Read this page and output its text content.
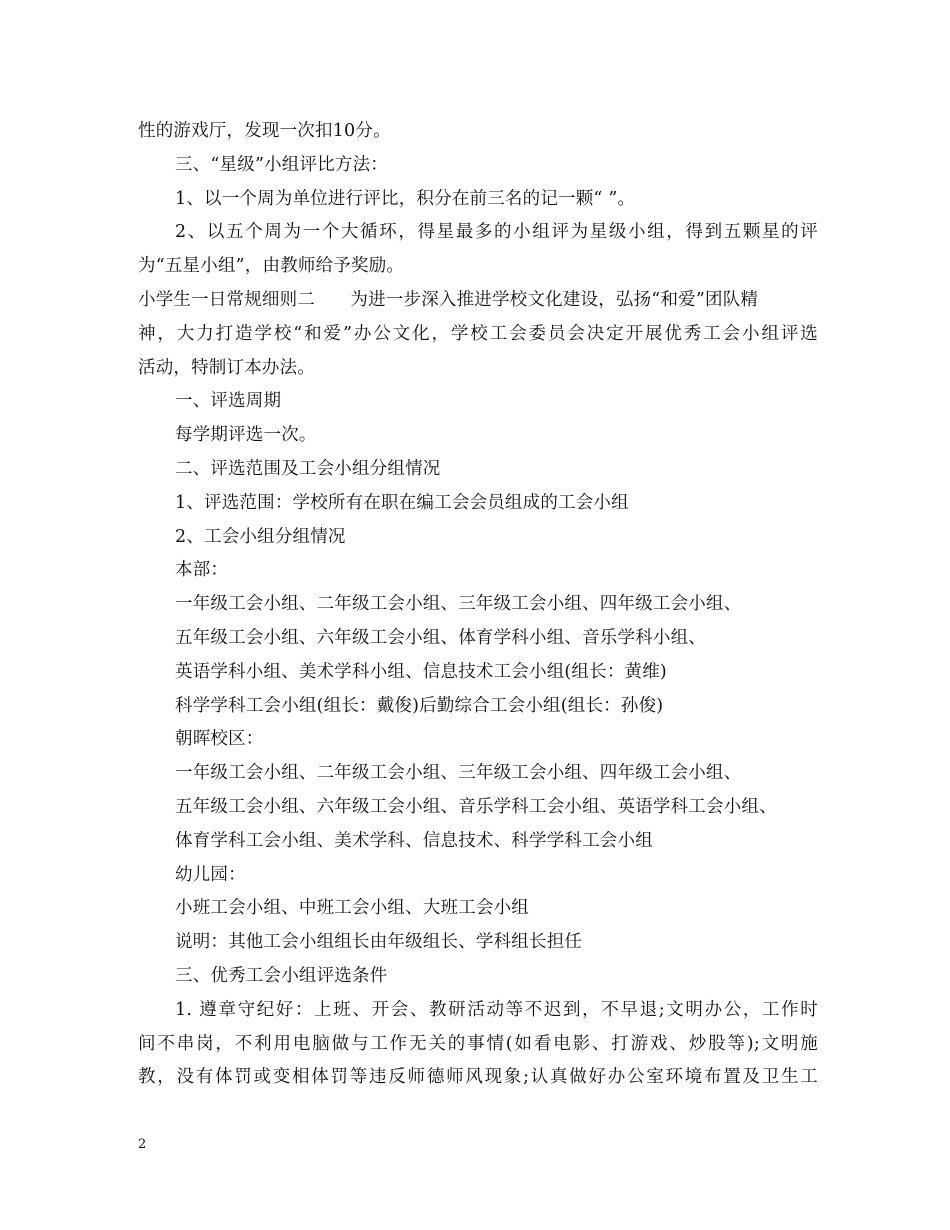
性的游戏厅，发现一次扣10分。
三、“星级”小组评比方法：
1、以一个周为单位进行评比，积分在前三名的记一颗“ ”。
2、以五个周为一个大循环，得星最多的小组评为星级小组，得到五颗星的评
为“五星小组”，由教师给予奖励。
小学生一日常规细则二　　为进一步深入推进学校文化建设，弘扬“和爱”团队精
神，大力打造学校“和爱”办公文化，学校工会委员会决定开展优秀工会小组评选
活动，特制订本办法。
一、评选周期
每学期评选一次。
二、评选范围及工会小组分组情况
1、评选范围：学校所有在职在编工会会员组成的工会小组
2、工会小组分组情况
本部：
一年级工会小组、二年级工会小组、三年级工会小组、四年级工会小组、
五年级工会小组、六年级工会小组、体育学科小组、音乐学科小组、
英语学科小组、美术学科小组、信息技术工会小组(组长：黄维)
科学学科工会小组(组长：戴俊)后勤综合工会小组(组长：孙俊)
朝晖校区：
一年级工会小组、二年级工会小组、三年级工会小组、四年级工会小组、
五年级工会小组、六年级工会小组、音乐学科工会小组、英语学科工会小组、
体育学科工会小组、美术学科、信息技术、科学学科工会小组
幼儿园：
小班工会小组、中班工会小组、大班工会小组
说明：其他工会小组组长由年级组长、学科组长担任
三、优秀工会小组评选条件
1. 遵章守纪好：上班、开会、教研活动等不迟到，不早退;文明办公，工作时
间不串岗，不利用电脑做与工作无关的事情(如看电影、打游戏、炒股等);文明施
教，没有体罚或变相体罚等违反师德师风现象;认真做好办公室环境布置及卫生工
2
